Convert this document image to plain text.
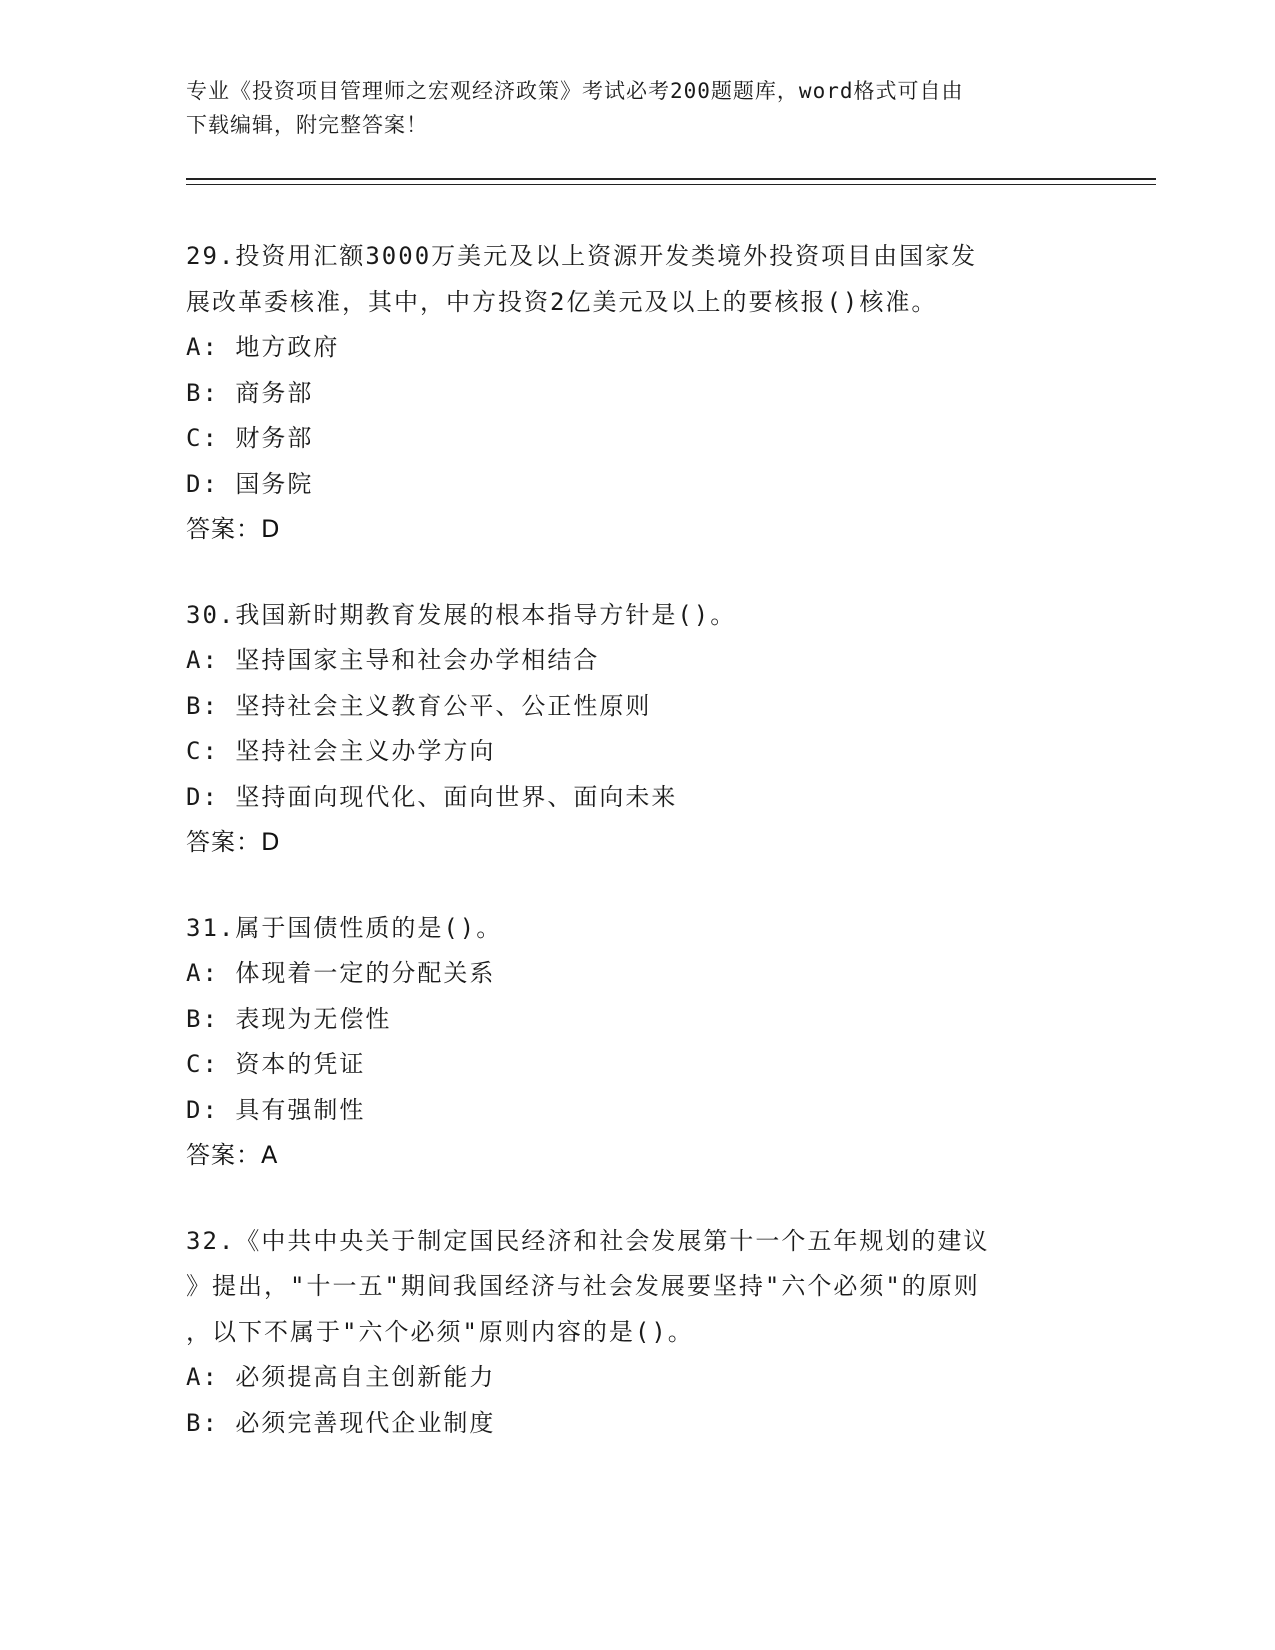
专业《投资项目管理师之宏观经济政策》考试必考200题题库，word格式可自由
下载编辑，附完整答案！
29.投资用汇额3000万美元及以上资源开发类境外投资项目由国家发
展改革委核准，其中，中方投资2亿美元及以上的要核报()核准。
A: 地方政府
B: 商务部
C: 财务部
D: 国务院
答案：D
30.我国新时期教育发展的根本指导方针是()。
A: 坚持国家主导和社会办学相结合
B: 坚持社会主义教育公平、公正性原则
C: 坚持社会主义办学方向
D: 坚持面向现代化、面向世界、面向未来
答案：D
31.属于国债性质的是()。
A: 体现着一定的分配关系
B: 表现为无偿性
C: 资本的凭证
D: 具有强制性
答案：A
32.《中共中央关于制定国民经济和社会发展第十一个五年规划的建议
》提出，"十一五"期间我国经济与社会发展要坚持"六个必须"的原则
，以下不属于"六个必须"原则内容的是()。
A: 必须提高自主创新能力
B: 必须完善现代企业制度
